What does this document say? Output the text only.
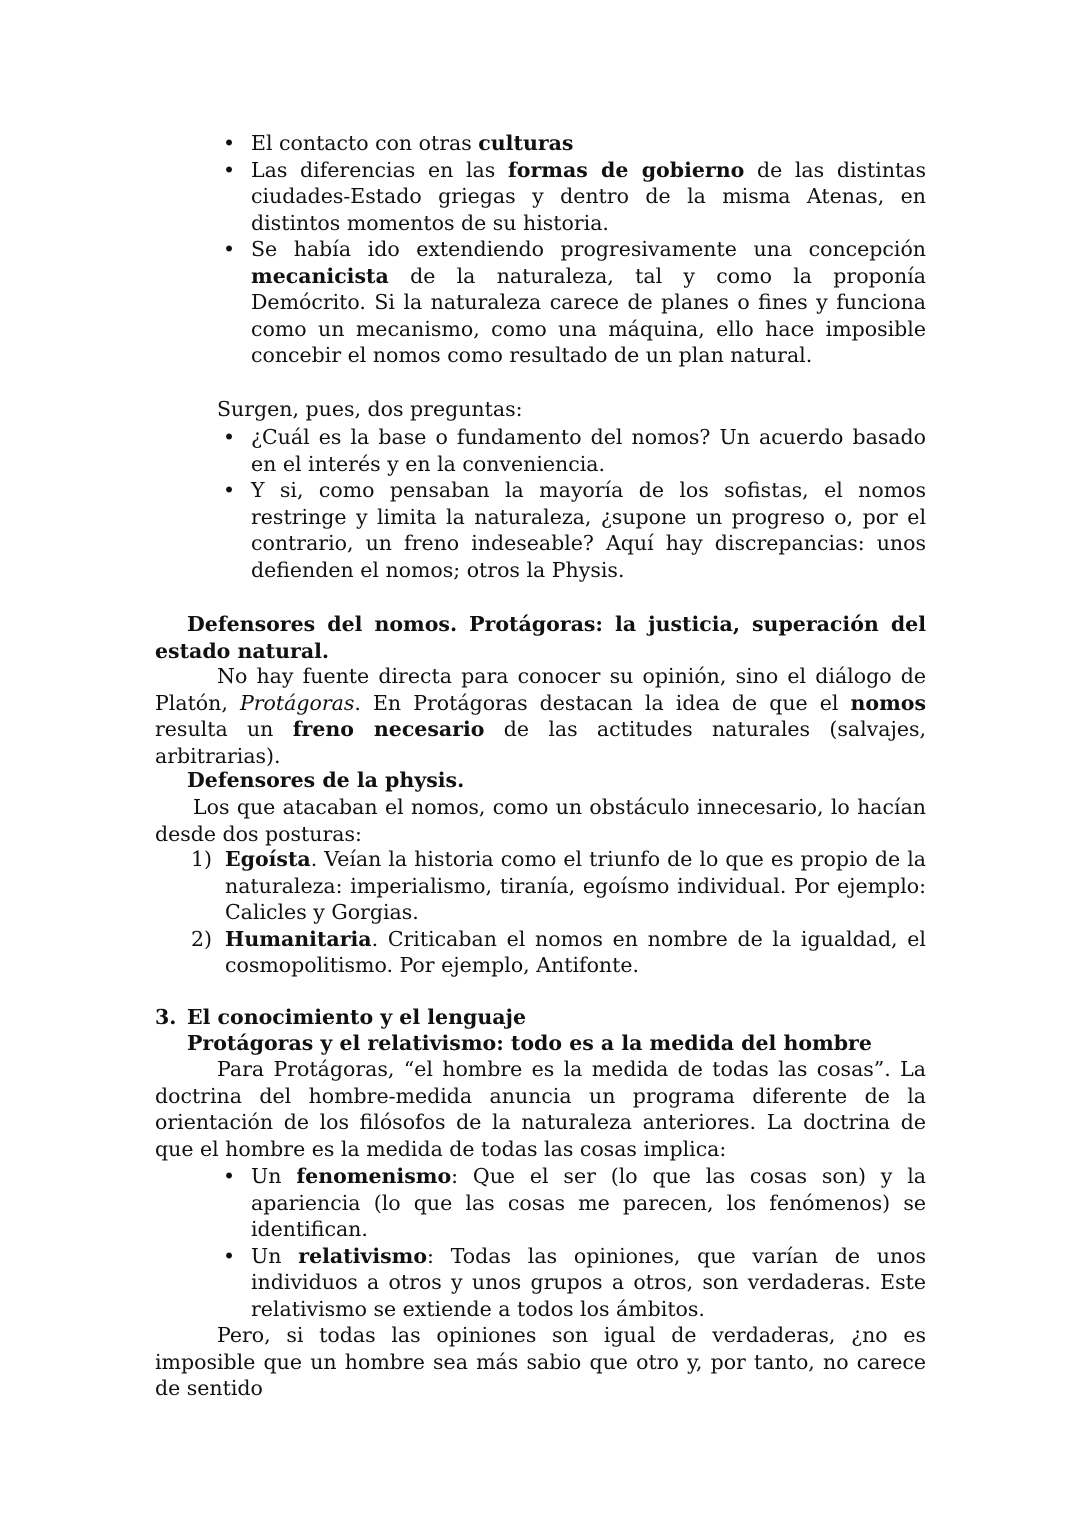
• El contacto con otras culturas
• Las diferencias en las formas de gobierno de las distintas ciudades-Estado griegas y dentro de la misma Atenas, en distintos momentos de su historia.
• Se había ido extendiendo progresivamente una concepción mecanicista de la naturaleza, tal y como la proponía Demócrito. Si la naturaleza carece de planes o fines y funciona como un mecanismo, como una máquina, ello hace imposible concebir el nomos como resultado de un plan natural.

Surgen, pues, dos preguntas:

• ¿Cuál es la base o fundamento del nomos? Un acuerdo basado en el interés y en la conveniencia.
• Y si, como pensaban la mayoría de los sofistas, el nomos restringe y limita la naturaleza, ¿supone un progreso o, por el contrario, un freno indeseable? Aquí hay discrepancias: unos defienden el nomos; otros la Physis.

Defensores del nomos. Protágoras: la justicia, superación del estado natural.

No hay fuente directa para conocer su opinión, sino el diálogo de Platón, Protágoras. En Protágoras destacan la idea de que el nomos resulta un freno necesario de las actitudes naturales (salvajes, arbitrarias).

Defensores de la physis.

Los que atacaban el nomos, como un obstáculo innecesario, lo hacían desde dos posturas:

1) Egoísta. Veían la historia como el triunfo de lo que es propio de la naturaleza: imperialismo, tiranía, egoísmo individual. Por ejemplo: Calicles y Gorgias.
2) Humanitaria. Criticaban el nomos en nombre de la igualdad, el cosmopolitismo. Por ejemplo, Antifonte.

3. El conocimiento y el lenguaje

Protágoras y el relativismo: todo es a la medida del hombre

Para Protágoras, “el hombre es la medida de todas las cosas”. La doctrina del hombre-medida anuncia un programa diferente de la orientación de los filósofos de la naturaleza anteriores. La doctrina de que el hombre es la medida de todas las cosas implica:

• Un fenomenismo: Que el ser (lo que las cosas son) y la apariencia (lo que las cosas me parecen, los fenómenos) se identifican.
• Un relativismo: Todas las opiniones, que varían de unos individuos a otros y unos grupos a otros, son verdaderas. Este relativismo se extiende a todos los ámbitos.

Pero, si todas las opiniones son igual de verdaderas, ¿no es imposible que un hombre sea más sabio que otro y, por tanto, no carece de sentido
